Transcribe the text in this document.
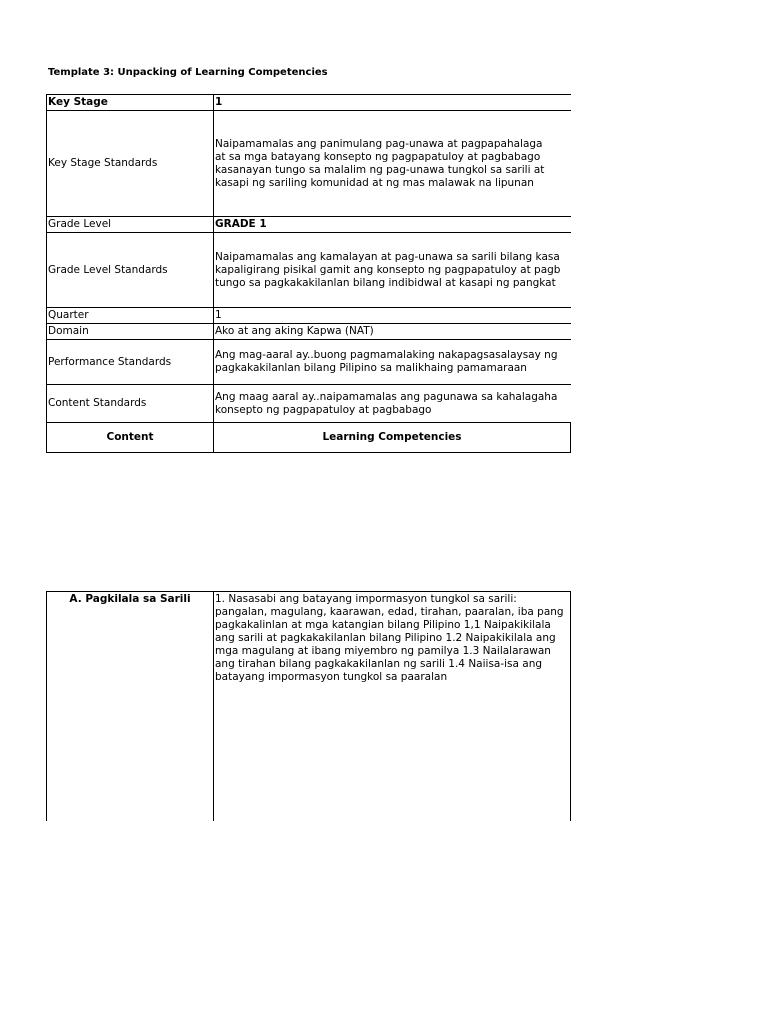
Template 3: Unpacking of Learning Competencies
Key Stage	1
Key Stage Standards	Naipamamalas ang panimulang pag-unawa at pagpapahalaga
at sa mga batayang konsepto ng pagpapatuloy at pagbabago
kasanayan tungo sa malalim ng pag-unawa tungkol sa sarili at
kasapi ng sariling komunidad at ng mas malawak na lipunan

Grade Level	GRADE 1
Grade Level Standards	Naipamamalas ang kamalayan at pag-unawa sa sarili bilang kasa
kapaligirang pisikal gamit ang konsepto ng pagpapatuloy at pagb
tungo sa pagkakakilanlan bilang indibidwal at kasapi ng pangkat

Quarter	1
Domain	Ako at ang aking Kapwa (NAT)
Performance Standards	Ang mag-aaral ay..buong pagmamalaking nakapagsasalaysay ng
pagkakakilanlan bilang Pilipino sa malikhaing pamamaraan

Content Standards	Ang maag aaral ay..naipamamalas ang pagunawa sa kahalagaha
konsepto ng pagpapatuloy at pagbabago

Content	Learning Competencies
A. Pagkilala sa Sarili	1. Nasasabi ang batayang impormasyon tungkol sa sarili: pangalan, magulang, kaarawan, edad, tirahan, paaralan, iba pang pagkakalinlan at mga katangian bilang Pilipino 1,1 Naipakikilala ang sarili at pagkakakilanlan bilang Pilipino 1.2 Naipakikilala ang mga magulang at ibang miyembro ng pamilya 1.3 Nailalarawan ang tirahan bilang pagkakakilanlan ng sarili 1.4 Naiisa-isa ang batayang impormasyon tungkol sa paaralan
